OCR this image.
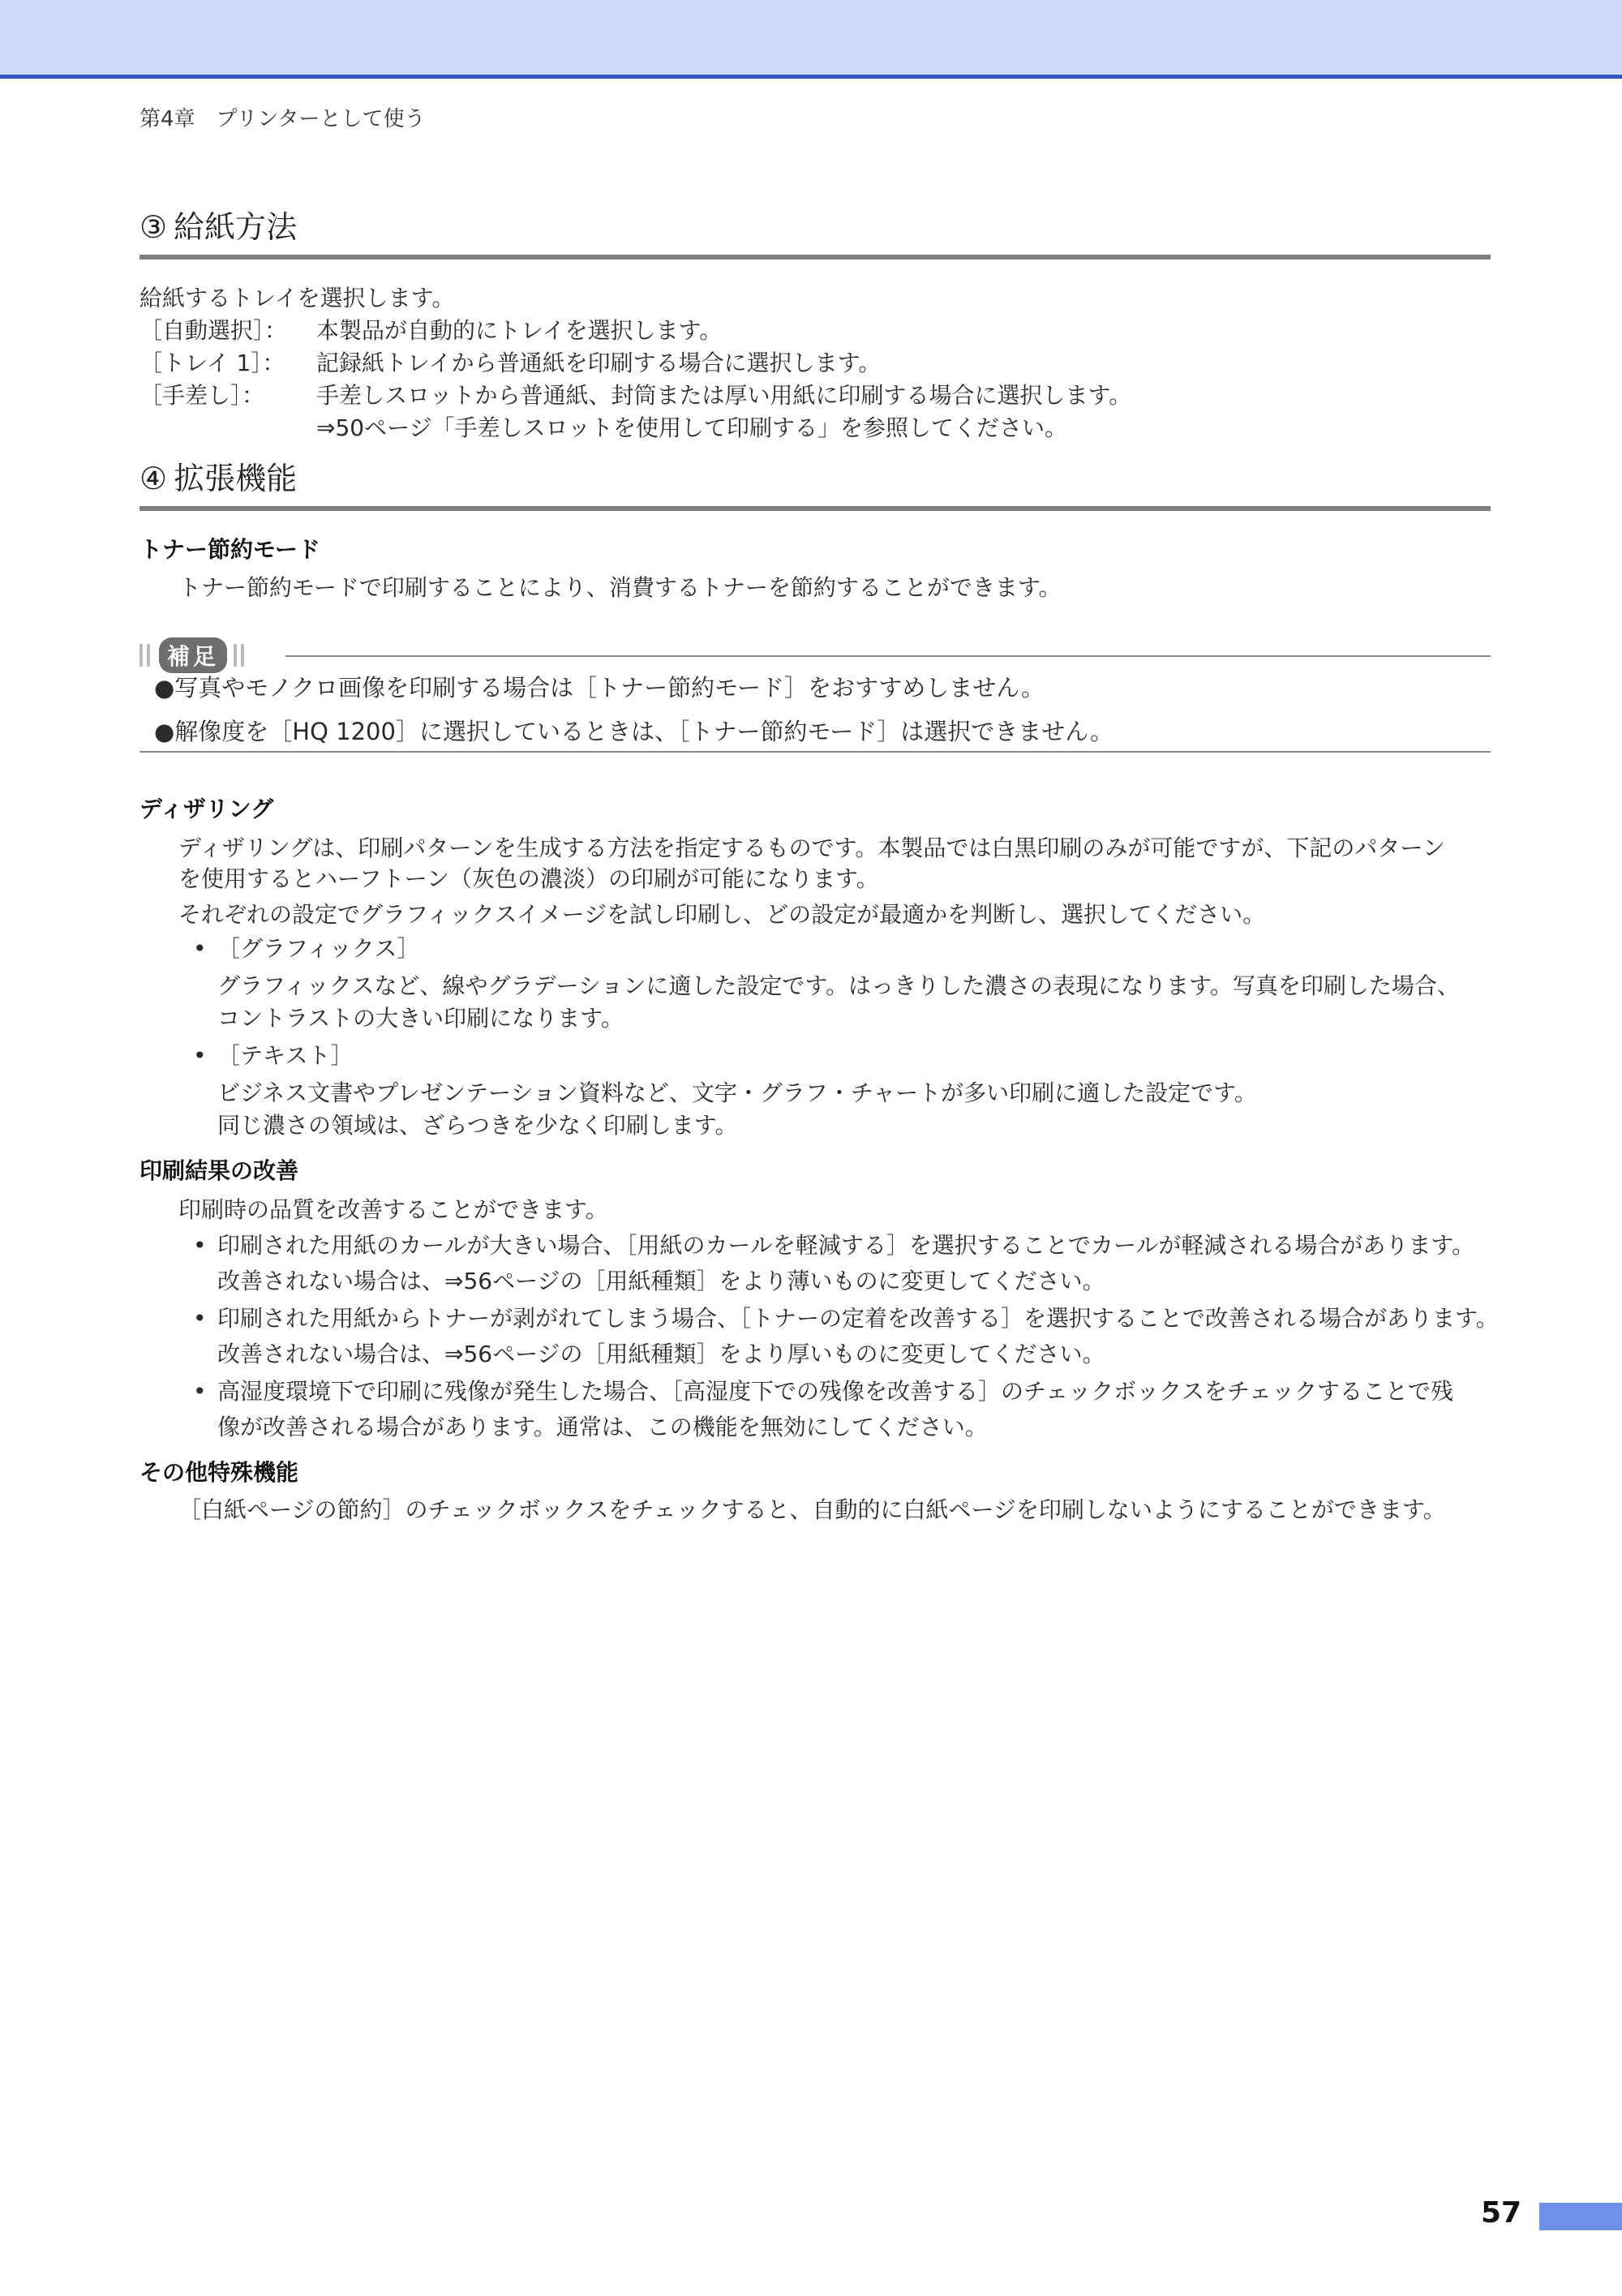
第4章　プリンターとして使う
③ 給紙方法
給紙するトレイを選択します。
［自動選択］：	本製品が自動的にトレイを選択します。
［トレイ 1］：	記録紙トレイから普通紙を印刷する場合に選択します。
［手差し］：	手差しスロットから普通紙、封筒または厚い用紙に印刷する場合に選択します。
⇒50ページ「手差しスロットを使用して印刷する」を参照してください。
④ 拡張機能
トナー節約モード
トナー節約モードで印刷することにより、消費するトナーを節約することができます。
補足
●写真やモノクロ画像を印刷する場合は［トナー節約モード］をおすすめしません。
●解像度を［HQ 1200］に選択しているときは、［トナー節約モード］は選択できません。
ディザリング
ディザリングは、印刷パターンを生成する方法を指定するものです。本製品では白黒印刷のみが可能ですが、下記のパターン
を使用するとハーフトーン（灰色の濃淡）の印刷が可能になります。
それぞれの設定でグラフィックスイメージを試し印刷し、どの設定が最適かを判断し、選択してください。
• ［グラフィックス］
グラフィックスなど、線やグラデーションに適した設定です。はっきりした濃さの表現になります。写真を印刷した場合、
コントラストの大きい印刷になります。
• ［テキスト］
ビジネス文書やプレゼンテーション資料など、文字・グラフ・チャートが多い印刷に適した設定です。
同じ濃さの領域は、ざらつきを少なく印刷します。
印刷結果の改善
印刷時の品質を改善することができます。
• 印刷された用紙のカールが大きい場合、［用紙のカールを軽減する］を選択することでカールが軽減される場合があります。
改善されない場合は、⇒56ページの［用紙種類］をより薄いものに変更してください。
• 印刷された用紙からトナーが剥がれてしまう場合、［トナーの定着を改善する］を選択することで改善される場合があります。
改善されない場合は、⇒56ページの［用紙種類］をより厚いものに変更してください。
• 高湿度環境下で印刷に残像が発生した場合、［高湿度下での残像を改善する］のチェックボックスをチェックすることで残
像が改善される場合があります。通常は、この機能を無効にしてください。
その他特殊機能
［白紙ページの節約］のチェックボックスをチェックすると、自動的に白紙ページを印刷しないようにすることができます。
57
